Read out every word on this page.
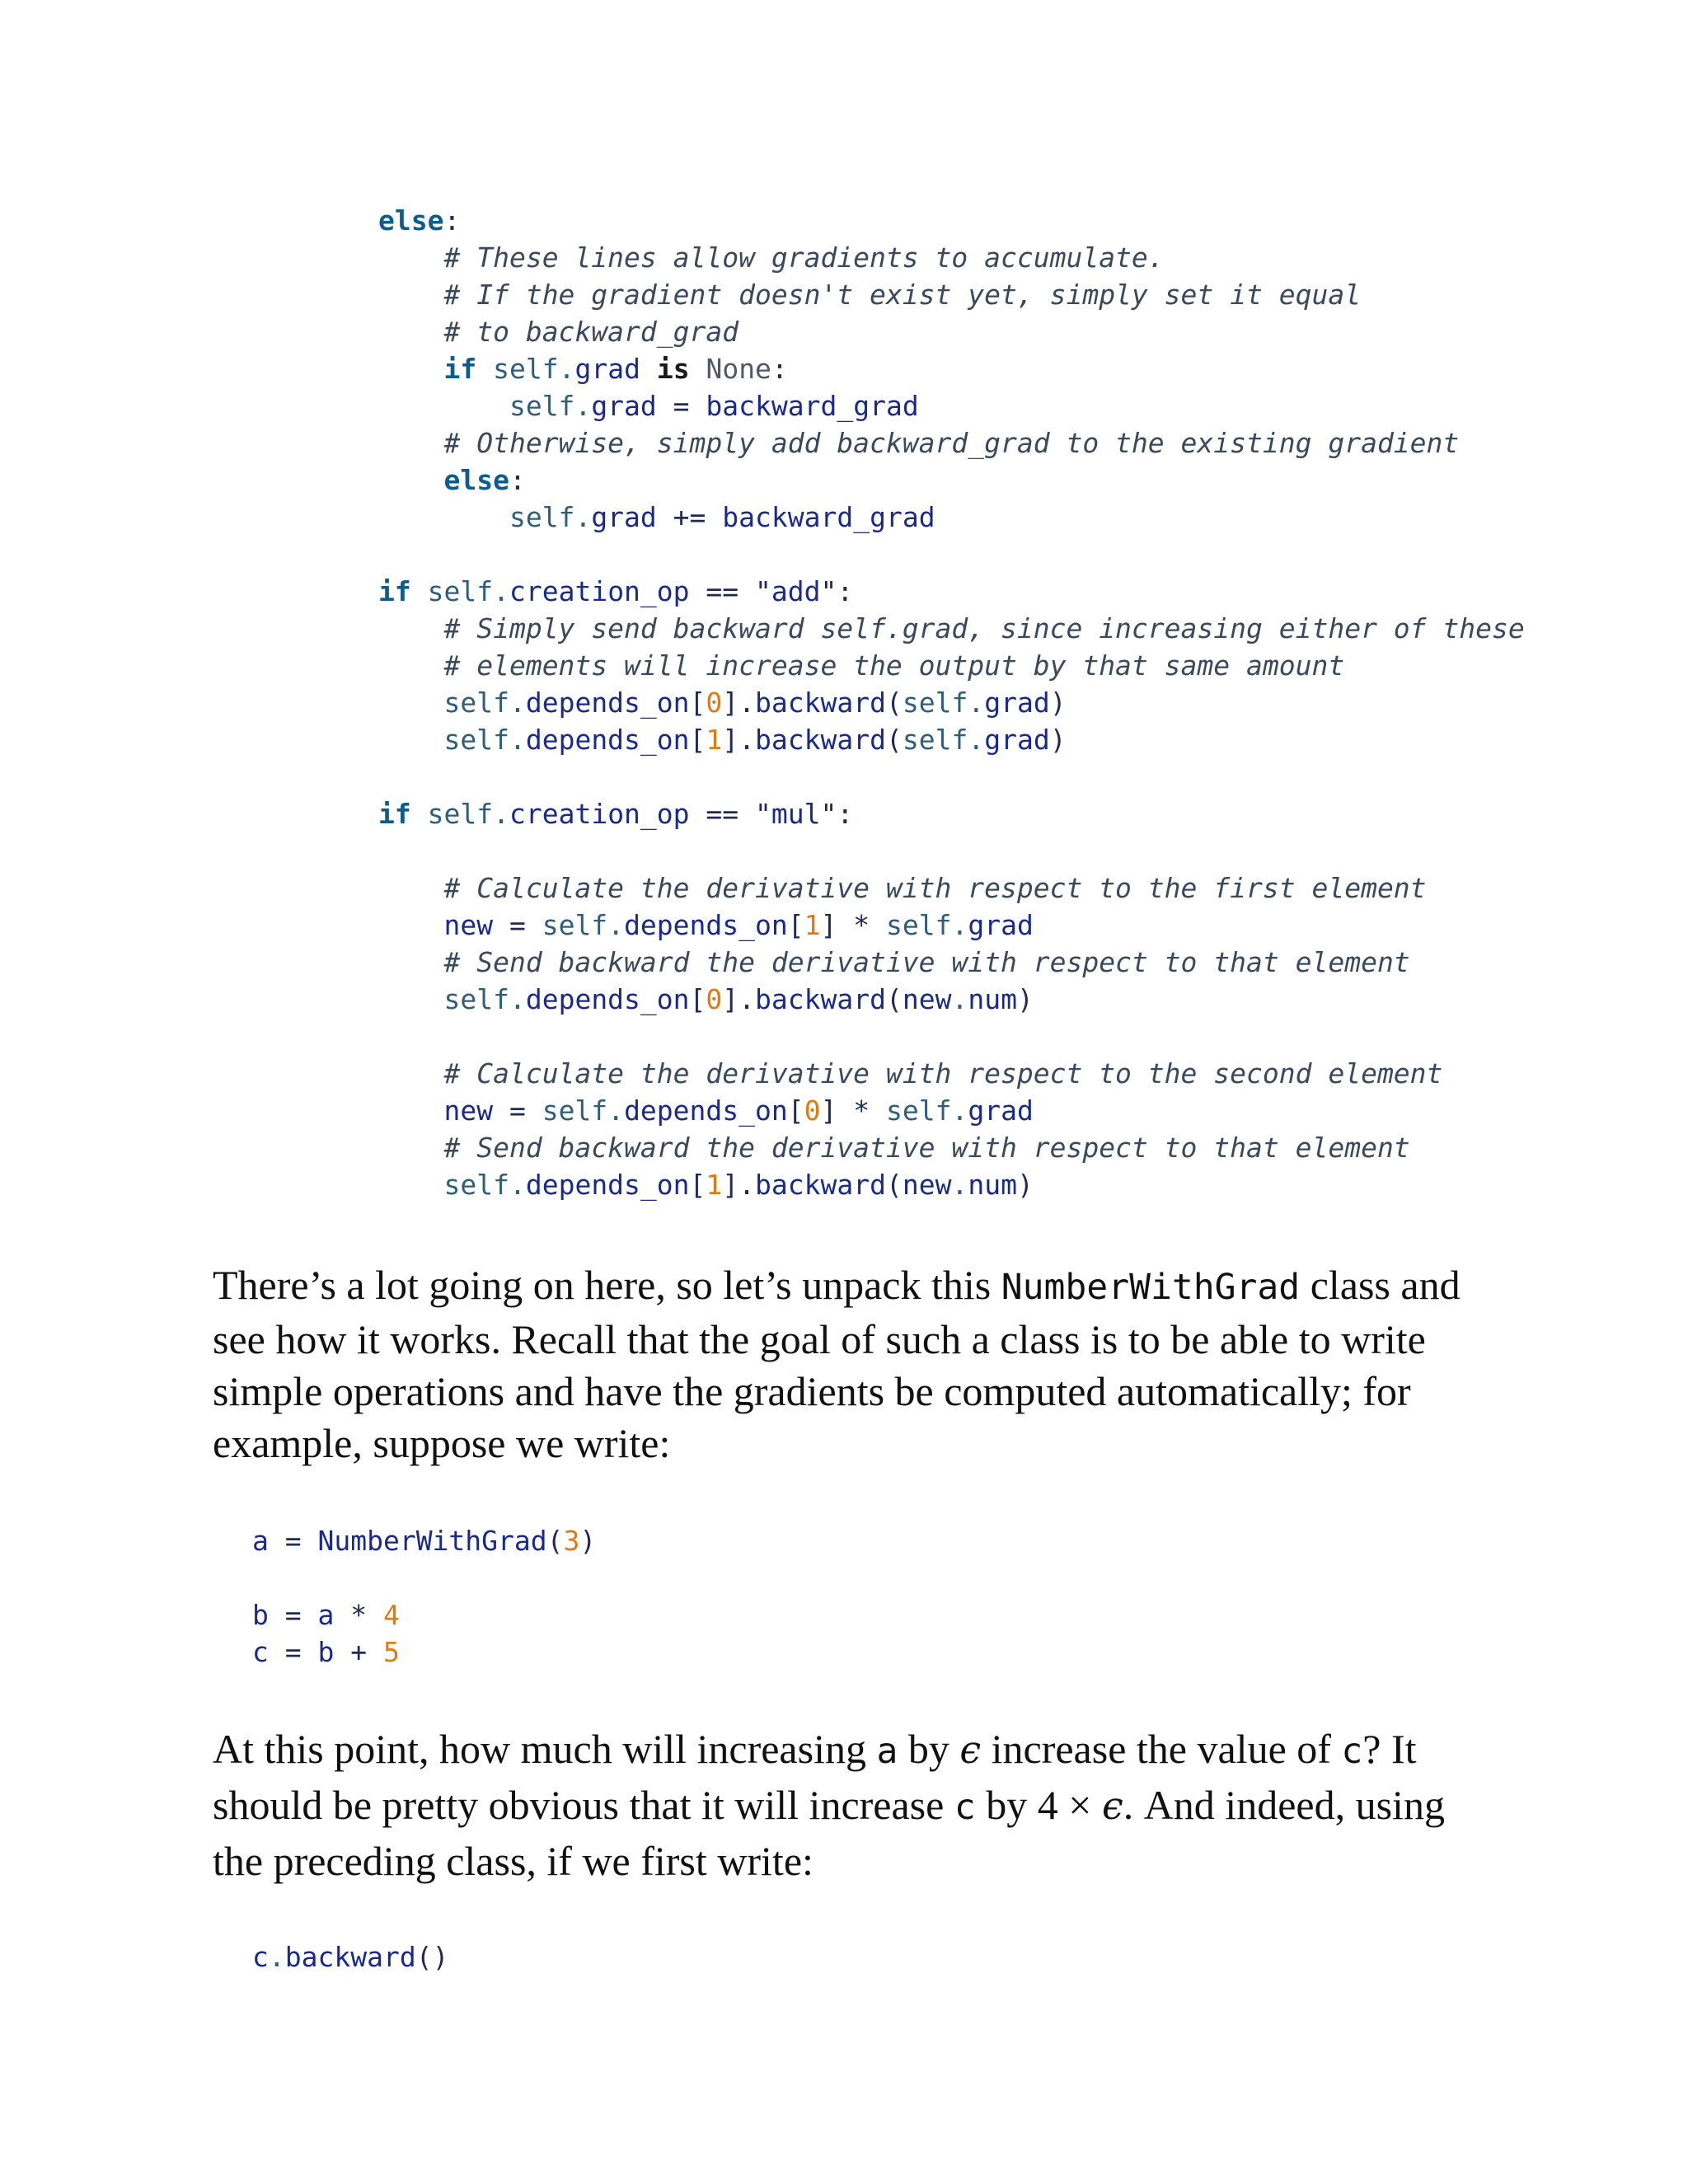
else:
# These lines allow gradients to accumulate.
# If the gradient doesn't exist yet, simply set it equal
# to backward_grad
if self.grad is None:
self.grad = backward_grad
# Otherwise, simply add backward_grad to the existing gradient
else:
self.grad += backward_grad
if self.creation_op == "add":
# Simply send backward self.grad, since increasing either of these
# elements will increase the output by that same amount
self.depends_on[0].backward(self.grad)
self.depends_on[1].backward(self.grad)
if self.creation_op == "mul":
# Calculate the derivative with respect to the first element
new = self.depends_on[1] * self.grad
# Send backward the derivative with respect to that element
self.depends_on[0].backward(new.num)
# Calculate the derivative with respect to the second element
new = self.depends_on[0] * self.grad
# Send backward the derivative with respect to that element
self.depends_on[1].backward(new.num)

There’s a lot going on here, so let’s unpack this NumberWithGrad class and see how it works. Recall that the goal of such a class is to be able to write simple operations and have the gradients be computed automatically; for example, suppose we write:

a = NumberWithGrad(3)
b = a * 4
c = b + 5

At this point, how much will increasing a by ϵ increase the value of c? It should be pretty obvious that it will increase c by 4 × ϵ. And indeed, using the preceding class, if we first write:

c.backward()
